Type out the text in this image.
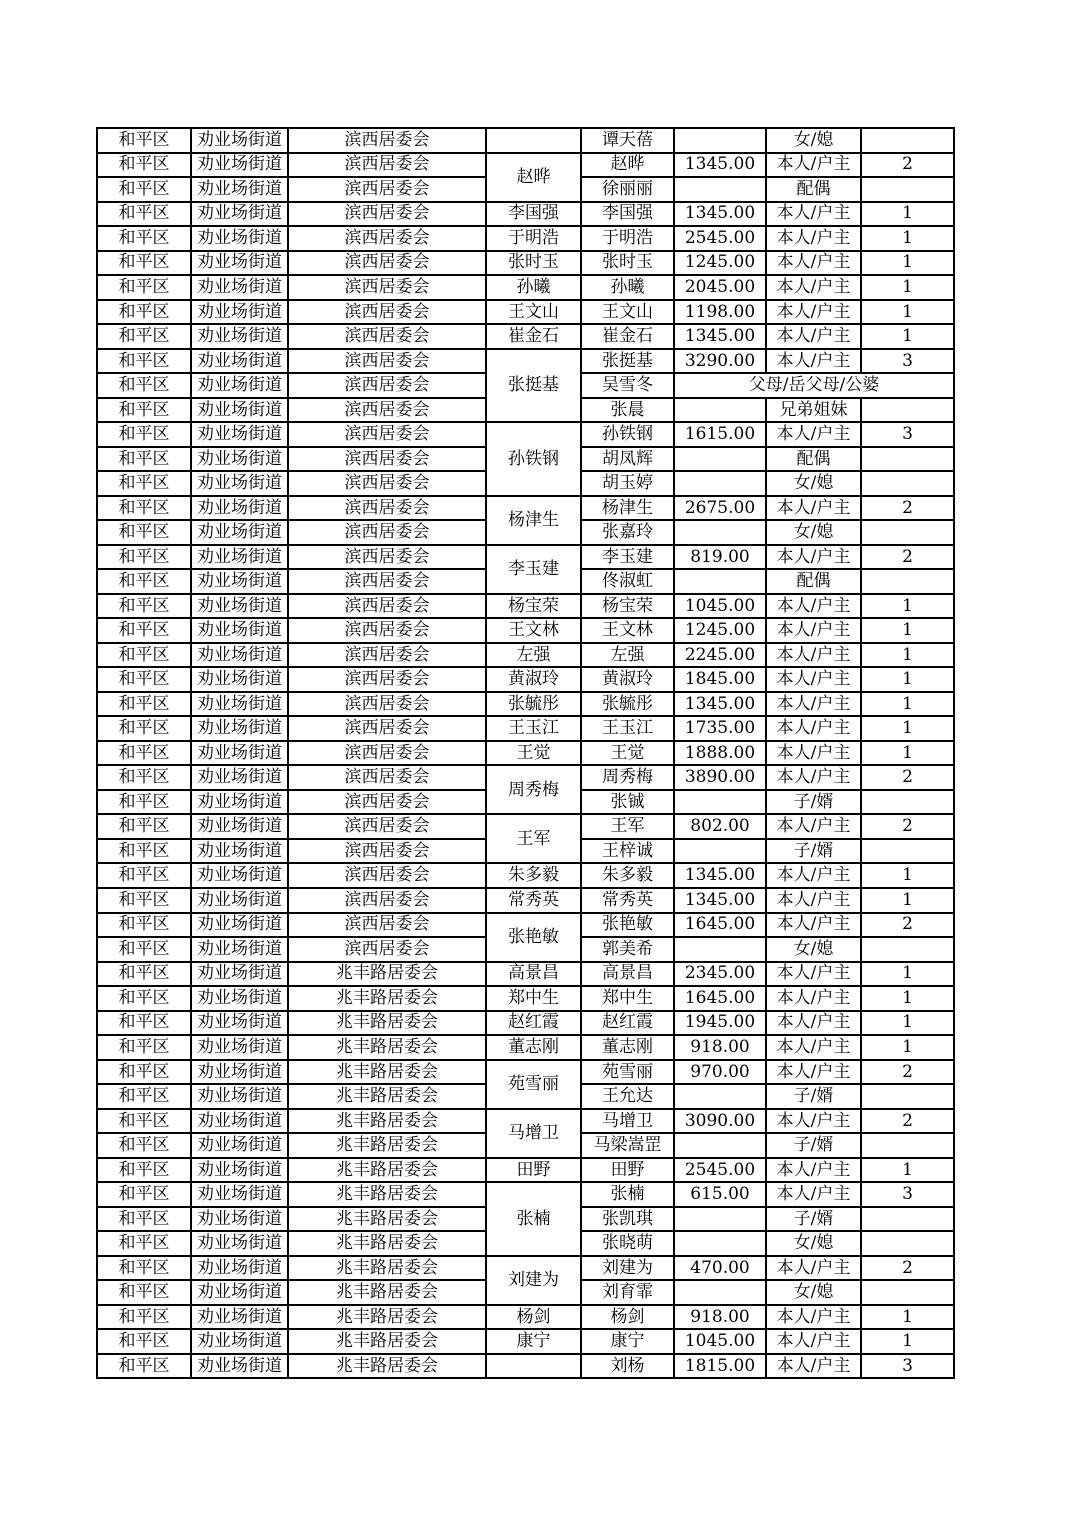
和平区	劝业场街道	滨西居委会		谭天蓓		女/媳	
和平区	劝业场街道	滨西居委会	赵晔	赵晔	1345.00	本人/户主	2
和平区	劝业场街道	滨西居委会		徐丽丽		配偶	
和平区	劝业场街道	滨西居委会	李国强	李国强	1345.00	本人/户主	1
和平区	劝业场街道	滨西居委会	于明浩	于明浩	2545.00	本人/户主	1
和平区	劝业场街道	滨西居委会	张时玉	张时玉	1245.00	本人/户主	1
和平区	劝业场街道	滨西居委会	孙曦	孙曦	2045.00	本人/户主	1
和平区	劝业场街道	滨西居委会	王文山	王文山	1198.00	本人/户主	1
和平区	劝业场街道	滨西居委会	崔金石	崔金石	1345.00	本人/户主	1
和平区	劝业场街道	滨西居委会	张挺基	张挺基	3290.00	本人/户主	3
和平区	劝业场街道	滨西居委会		吴雪冬	父母/岳父母/公婆		
和平区	劝业场街道	滨西居委会		张晨		兄弟姐妹	
和平区	劝业场街道	滨西居委会	孙铁钢	孙铁钢	1615.00	本人/户主	3
和平区	劝业场街道	滨西居委会		胡凤辉		配偶	
和平区	劝业场街道	滨西居委会		胡玉婷		女/媳	
和平区	劝业场街道	滨西居委会	杨津生	杨津生	2675.00	本人/户主	2
和平区	劝业场街道	滨西居委会		张嘉玲		女/媳	
和平区	劝业场街道	滨西居委会	李玉建	李玉建	819.00	本人/户主	2
和平区	劝业场街道	滨西居委会		佟淑虹		配偶	
和平区	劝业场街道	滨西居委会	杨宝荣	杨宝荣	1045.00	本人/户主	1
和平区	劝业场街道	滨西居委会	王文林	王文林	1245.00	本人/户主	1
和平区	劝业场街道	滨西居委会	左强	左强	2245.00	本人/户主	1
和平区	劝业场街道	滨西居委会	黄淑玲	黄淑玲	1845.00	本人/户主	1
和平区	劝业场街道	滨西居委会	张毓彤	张毓彤	1345.00	本人/户主	1
和平区	劝业场街道	滨西居委会	王玉江	王玉江	1735.00	本人/户主	1
和平区	劝业场街道	滨西居委会	王觉	王觉	1888.00	本人/户主	1
和平区	劝业场街道	滨西居委会	周秀梅	周秀梅	3890.00	本人/户主	2
和平区	劝业场街道	滨西居委会		张铖		子/婿	
和平区	劝业场街道	滨西居委会	王军	王军	802.00	本人/户主	2
和平区	劝业场街道	滨西居委会		王梓诚		子/婿	
和平区	劝业场街道	滨西居委会	朱多毅	朱多毅	1345.00	本人/户主	1
和平区	劝业场街道	滨西居委会	常秀英	常秀英	1345.00	本人/户主	1
和平区	劝业场街道	滨西居委会	张艳敏	张艳敏	1645.00	本人/户主	2
和平区	劝业场街道	滨西居委会		郭美希		女/媳	
和平区	劝业场街道	兆丰路居委会	高景昌	高景昌	2345.00	本人/户主	1
和平区	劝业场街道	兆丰路居委会	郑中生	郑中生	1645.00	本人/户主	1
和平区	劝业场街道	兆丰路居委会	赵红霞	赵红霞	1945.00	本人/户主	1
和平区	劝业场街道	兆丰路居委会	董志刚	董志刚	918.00	本人/户主	1
和平区	劝业场街道	兆丰路居委会	苑雪丽	苑雪丽	970.00	本人/户主	2
和平区	劝业场街道	兆丰路居委会		王允达		子/婿	
和平区	劝业场街道	兆丰路居委会	马增卫	马增卫	3090.00	本人/户主	2
和平区	劝业场街道	兆丰路居委会		马梁嵩罡		子/婿	
和平区	劝业场街道	兆丰路居委会	田野	田野	2545.00	本人/户主	1
和平区	劝业场街道	兆丰路居委会	张楠	张楠	615.00	本人/户主	3
和平区	劝业场街道	兆丰路居委会		张凯琪		子/婿	
和平区	劝业场街道	兆丰路居委会		张晓萌		女/媳	
和平区	劝业场街道	兆丰路居委会	刘建为	刘建为	470.00	本人/户主	2
和平区	劝业场街道	兆丰路居委会		刘育霏		女/媳	
和平区	劝业场街道	兆丰路居委会	杨剑	杨剑	918.00	本人/户主	1
和平区	劝业场街道	兆丰路居委会	康宁	康宁	1045.00	本人/户主	1
和平区	劝业场街道	兆丰路居委会		刘杨	1815.00	本人/户主	3
